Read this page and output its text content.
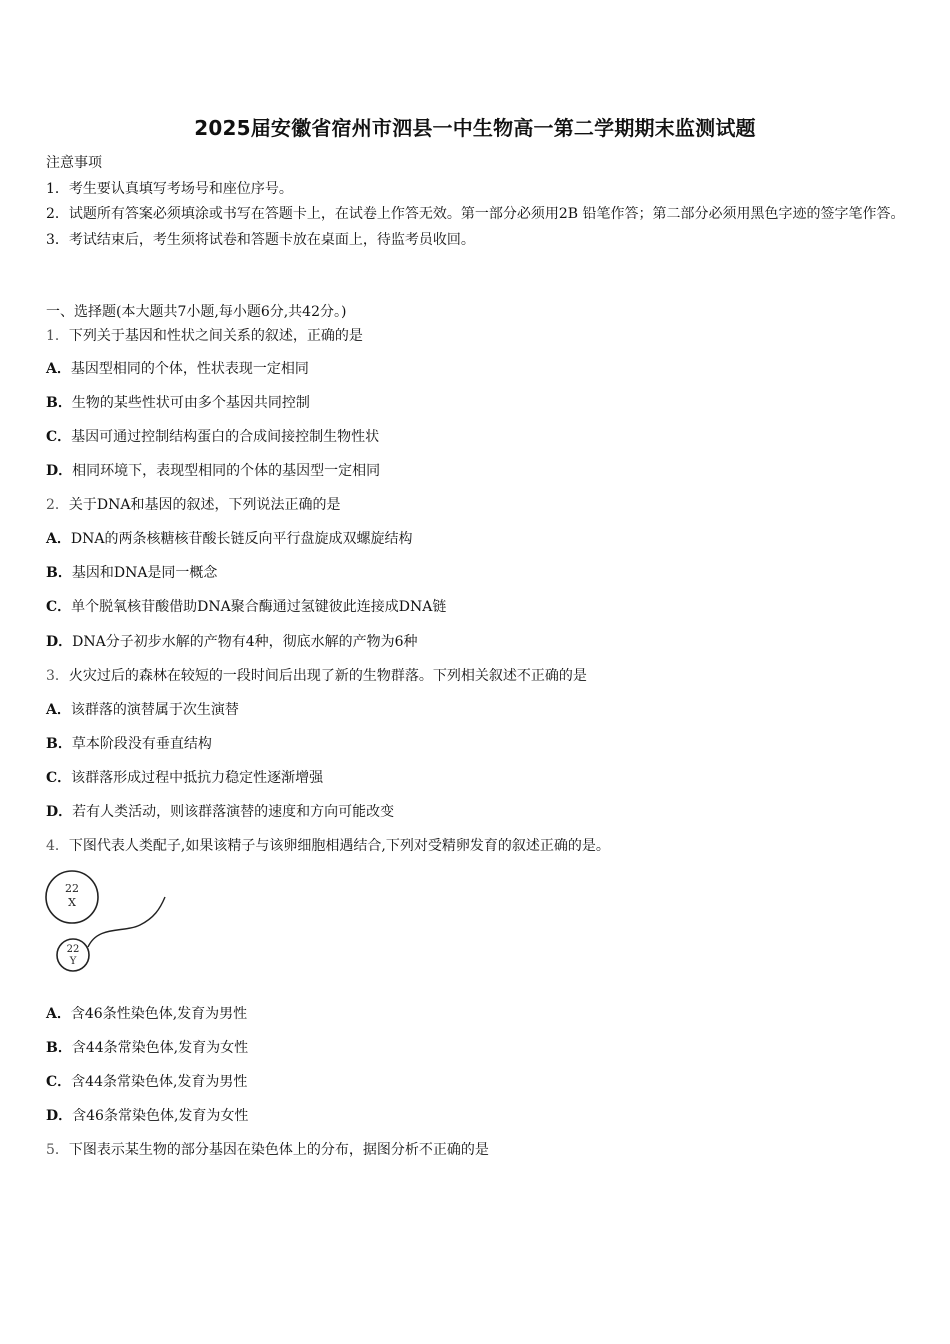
2025届安徽省宿州市泗县一中生物高一第二学期期末监测试题
注意事项
1．考生要认真填写考场号和座位序号。
2．试题所有答案必须填涂或书写在答题卡上，在试卷上作答无效。第一部分必须用2B 铅笔作答；第二部分必须用黑色字迹的签字笔作答。
3．考试结束后，考生须将试卷和答题卡放在桌面上，待监考员收回。
一、选择题(本大题共7小题,每小题6分,共42分。)
1．下列关于基因和性状之间关系的叙述，正确的是
A．基因型相同的个体，性状表现一定相同
B．生物的某些性状可由多个基因共同控制
C．基因可通过控制结构蛋白的合成间接控制生物性状
D．相同环境下，表现型相同的个体的基因型一定相同
2．关于DNA和基因的叙述，下列说法正确的是
A．DNA的两条核糖核苷酸长链反向平行盘旋成双螺旋结构
B．基因和DNA是同一概念
C．单个脱氧核苷酸借助DNA聚合酶通过氢键彼此连接成DNA链
D．DNA分子初步水解的产物有4种，彻底水解的产物为6种
3．火灾过后的森林在较短的一段时间后出现了新的生物群落。下列相关叙述不正确的是
A．该群落的演替属于次生演替
B．草本阶段没有垂直结构
C．该群落形成过程中抵抗力稳定性逐渐增强
D．若有人类活动，则该群落演替的速度和方向可能改变
4．下图代表人类配子,如果该精子与该卵细胞相遇结合,下列对受精卵发育的叙述正确的是。
22
X
22
Y
A．含46条性染色体,发育为男性
B．含44条常染色体,发育为女性
C．含44条常染色体,发育为男性
D．含46条常染色体,发育为女性
5．下图表示某生物的部分基因在染色体上的分布，据图分析不正确的是
